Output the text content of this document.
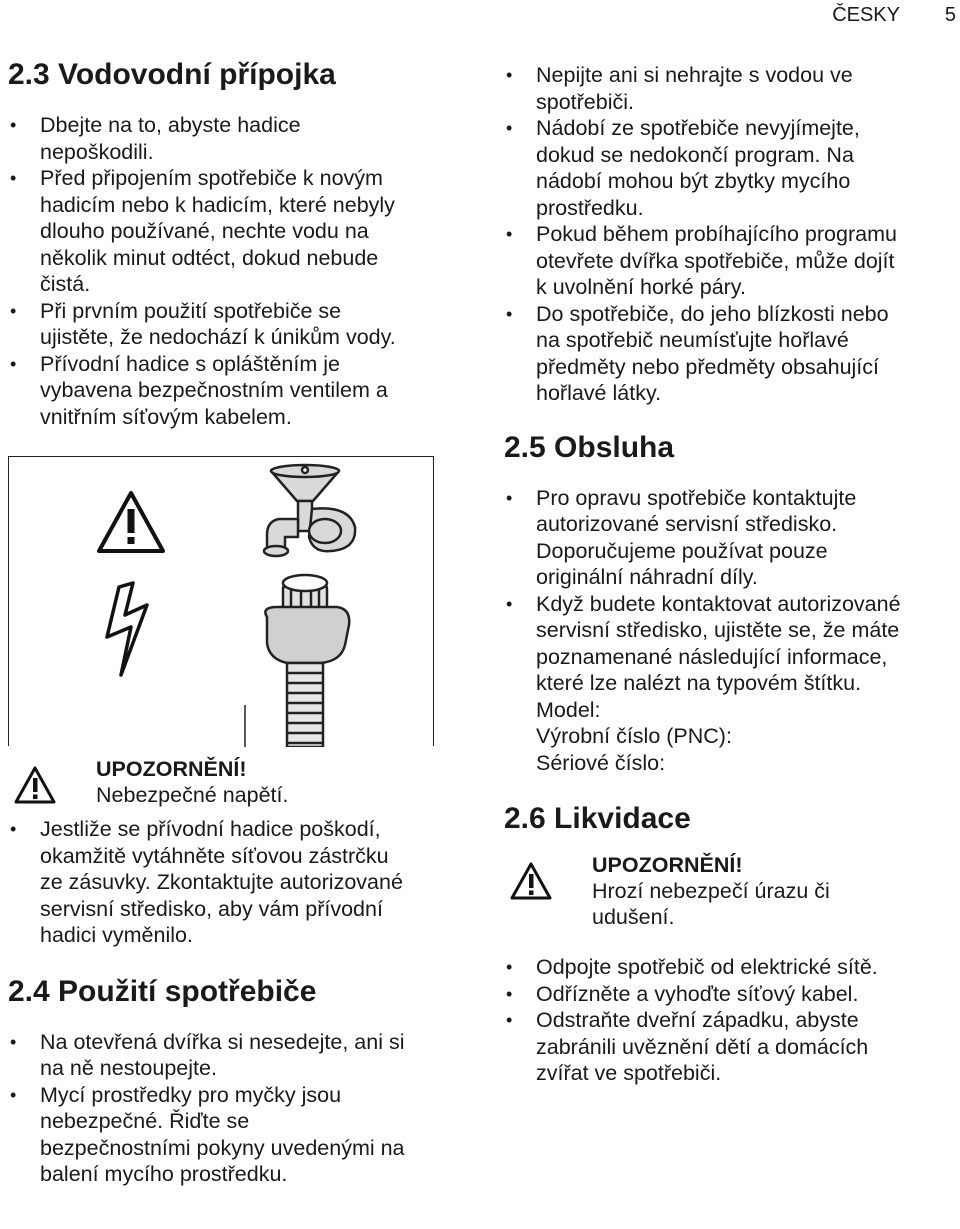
ČESKY 5
2.3 Vodovodní přípojka
• Dbejte na to, abyste hadice
nepoškodili.
• Před připojením spotřebiče k novým
hadicím nebo k hadicím, které nebyly
dlouho používané, nechte vodu na
několik minut odtéct, dokud nebude
čistá.
• Při prvním použití spotřebiče se
ujistěte, že nedochází k únikům vody.
• Přívodní hadice s opláštěním je
vybavena bezpečnostním ventilem a
vnitřním síťovým kabelem.
UPOZORNĚNÍ!
Nebezpečné napětí.
• Jestliže se přívodní hadice poškodí,
okamžitě vytáhněte síťovou zástrčku
ze zásuvky. Zkontaktujte autorizované
servisní středisko, aby vám přívodní
hadici vyměnilo.
2.4 Použití spotřebiče
• Na otevřená dvířka si nesedejte, ani si
na ně nestoupejte.
• Mycí prostředky pro myčky jsou
nebezpečné. Řiďte se
bezpečnostními pokyny uvedenými na
balení mycího prostředku.
• Nepijte ani si nehrajte s vodou ve
spotřebiči.
• Nádobí ze spotřebiče nevyjímejte,
dokud se nedokončí program. Na
nádobí mohou být zbytky mycího
prostředku.
• Pokud během probíhajícího programu
otevřete dvířka spotřebiče, může dojít
k uvolnění horké páry.
• Do spotřebiče, do jeho blízkosti nebo
na spotřebič neumísťujte hořlavé
předměty nebo předměty obsahující
hořlavé látky.
2.5 Obsluha
• Pro opravu spotřebiče kontaktujte
autorizované servisní středisko.
Doporučujeme používat pouze
originální náhradní díly.
• Když budete kontaktovat autorizované
servisní středisko, ujistěte se, že máte
poznamenané následující informace,
které lze nalézt na typovém štítku.
Model:
Výrobní číslo (PNC):
Sériové číslo:
2.6 Likvidace
UPOZORNĚNÍ!
Hrozí nebezpečí úrazu či
udušení.
• Odpojte spotřebič od elektrické sítě.
• Odřízněte a vyhoďte síťový kabel.
• Odstraňte dveřní západku, abyste
zabránili uvěznění dětí a domácích
zvířat ve spotřebiči.
